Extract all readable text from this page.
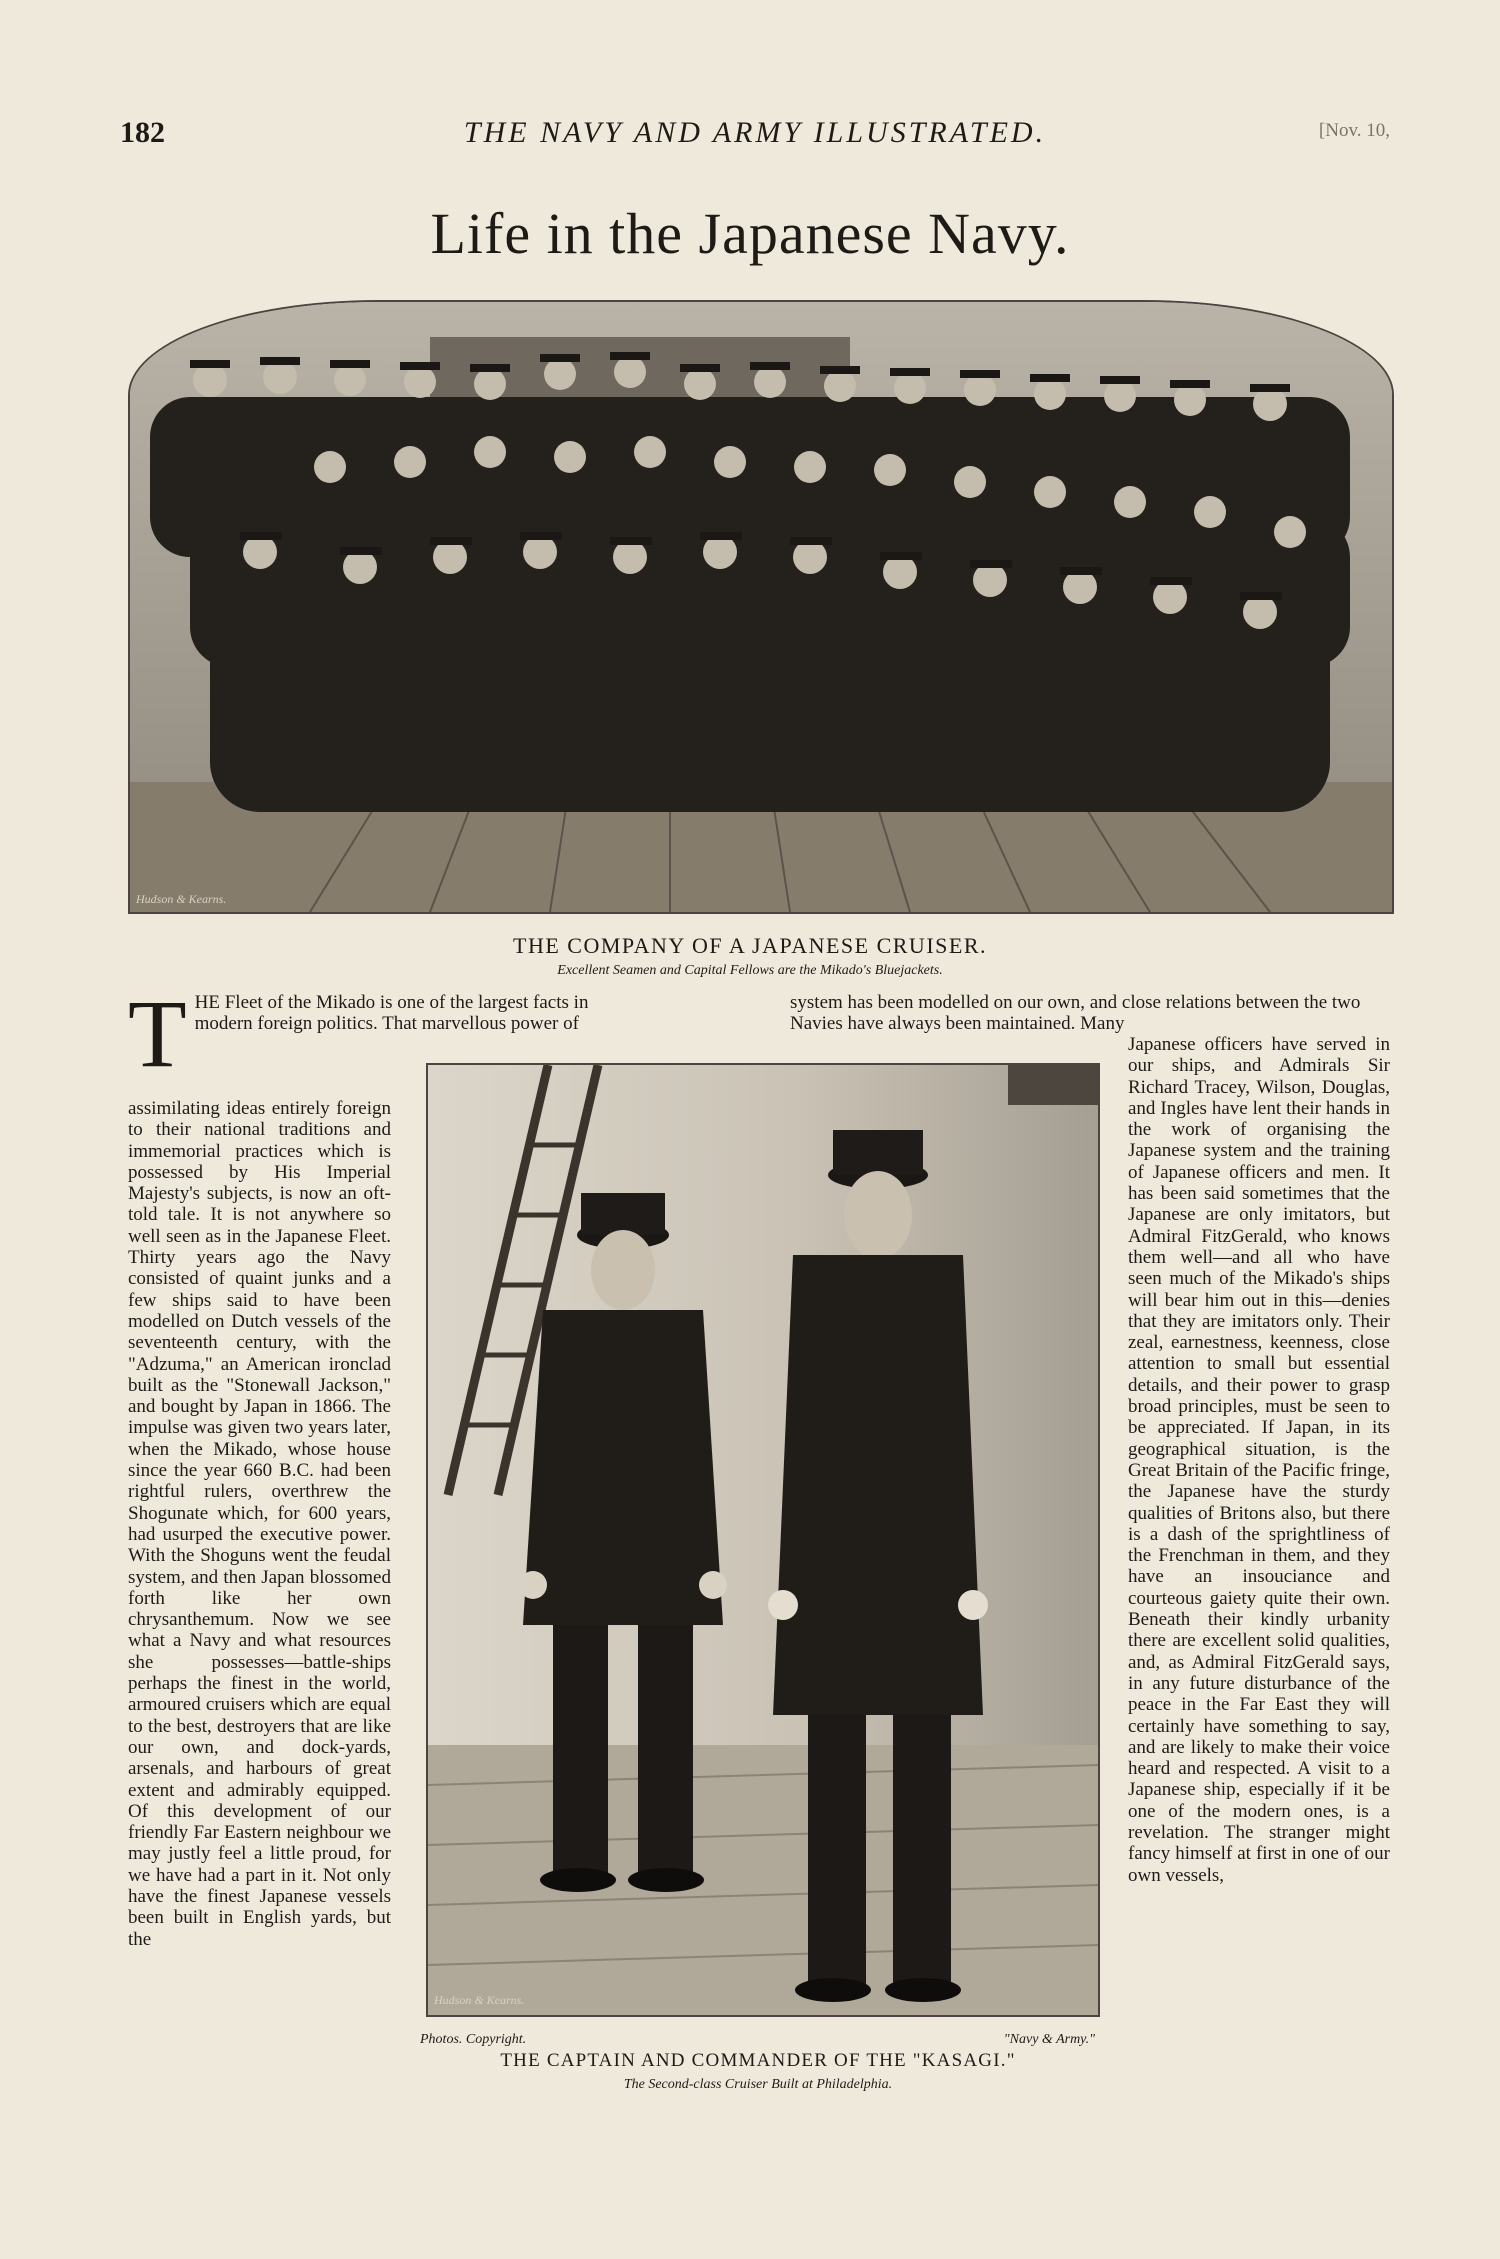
182	THE NAVY AND ARMY ILLUSTRATED.	[Nov. 10,
Life in the Japanese Navy.
Hudson & Kearns.
THE COMPANY OF A JAPANESE CRUISER.
Excellent Seamen and Capital Fellows are the Mikado's Bluejackets.
T HE Fleet of the Mikado is one of the largest facts in
modern foreign politics. That marvellous power of

assimilating ideas entirely foreign to their national traditions and immemorial practices which is possessed by His Imperial Majesty's subjects, is now an oft-told tale. It is not anywhere so well seen as in the Japanese Fleet. Thirty years ago the Navy consisted of quaint junks and a few ships said to have been modelled on Dutch vessels of the seventeenth century, with the "Adzuma," an American ironclad built as the "Stonewall Jackson," and bought by Japan in 1866. The impulse was given two years later, when the Mikado, whose house since the year 660 B.C. had been rightful rulers, overthrew the Shogunate which, for 600 years, had usurped the executive power. With the Shoguns went the feudal system, and then Japan blossomed forth like her own chrysanthemum. Now we see what a Navy and what resources she possesses—battle-ships perhaps the finest in the world, armoured cruisers which are equal to the best, destroyers that are like our own, and dock-yards, arsenals, and harbours of great extent and admirably equipped. Of this development of our friendly Far Eastern neighbour we may justly feel a little proud, for we have had a part in it. Not only have the finest Japanese vessels been built in English yards, but the

system has been modelled on our own, and close relations between the two Navies have always been maintained. Many

Japanese officers have served in our ships, and Admirals Sir Richard Tracey, Wilson, Douglas, and Ingles have lent their hands in the work of organising the Japanese system and the training of Japanese officers and men. It has been said sometimes that the Japanese are only imitators, but Admiral FitzGerald, who knows them well—and all who have seen much of the Mikado's ships will bear him out in this—denies that they are imitators only. Their zeal, earnestness, keenness, close attention to small but essential details, and their power to grasp broad principles, must be seen to be appreciated. If Japan, in its geographical situation, is the Great Britain of the Pacific fringe, the Japanese have the sturdy qualities of Britons also, but there is a dash of the sprightliness of the Frenchman in them, and they have an insouciance and courteous gaiety quite their own. Beneath their kindly urbanity there are excellent solid qualities, and, as Admiral FitzGerald says, in any future disturbance of the peace in the Far East they will certainly have something to say, and are likely to make their voice heard and respected. A visit to a Japanese ship, especially if it be one of the modern ones, is a revelation. The stranger might fancy himself at first in one of our own vessels,

Hudson & Kearns.
Photos. Copyright.	"Navy & Army."
THE CAPTAIN AND COMMANDER OF THE "KASAGI."
The Second-class Cruiser Built at Philadelphia.
